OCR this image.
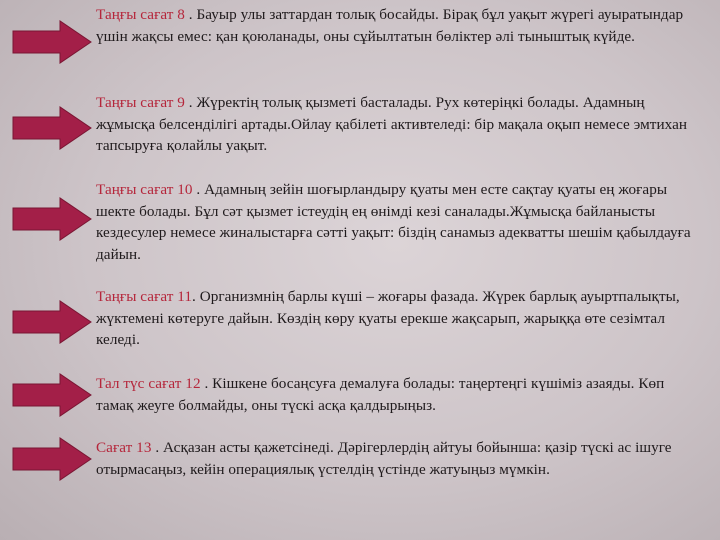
Таңғы сағат 8 . Бауыр улы заттардан толық босайды. Бірақ бұл уақыт жүрегі ауыратындар үшін жақсы емес: қан қоюланады, оны сұйылтатын бөліктер әлі тыныштық күйде.
Таңғы сағат 9 . Жүректің толық қызметі басталады. Рух көтеріңкі болады. Адамның жұмысқа белсенділігі артады.Ойлау қабілеті активтеледі: бір мақала оқып немесе эмтихан тапсыруға қолайлы уақыт.
Таңғы сағат 10 . Адамның зейін шоғырландыру қуаты мен есте сақтау қуаты ең жоғары шекте болады. Бұл сәт қызмет істеудің ең өнімді кезі саналады.Жұмысқа байланысты кездесулер немесе жиналыстарға сәтті уақыт: біздің санамыз адекватты шешім қабылдауға дайын.
Таңғы сағат 11. Организмнің барлы күші – жоғары фазада. Жүрек барлық ауыртпалықты, жүктемені көтеруге дайын. Көздің көру қуаты ерекше жақсарып, жарыққа өте сезімтал келеді.
Тал түс сағат 12 . Кішкене босаңсуға демалуға болады: таңертеңгі күшіміз азаяды. Көп тамақ жеуге болмайды, оны түскі асқа қалдырыңыз.
Сағат 13 . Асқазан асты қажетсінеді. Дәрігерлердің айтуы бойынша: қазір түскі ас ішуге отырмасаңыз, кейін операциялық үстелдің үстінде жатуыңыз мүмкін.
